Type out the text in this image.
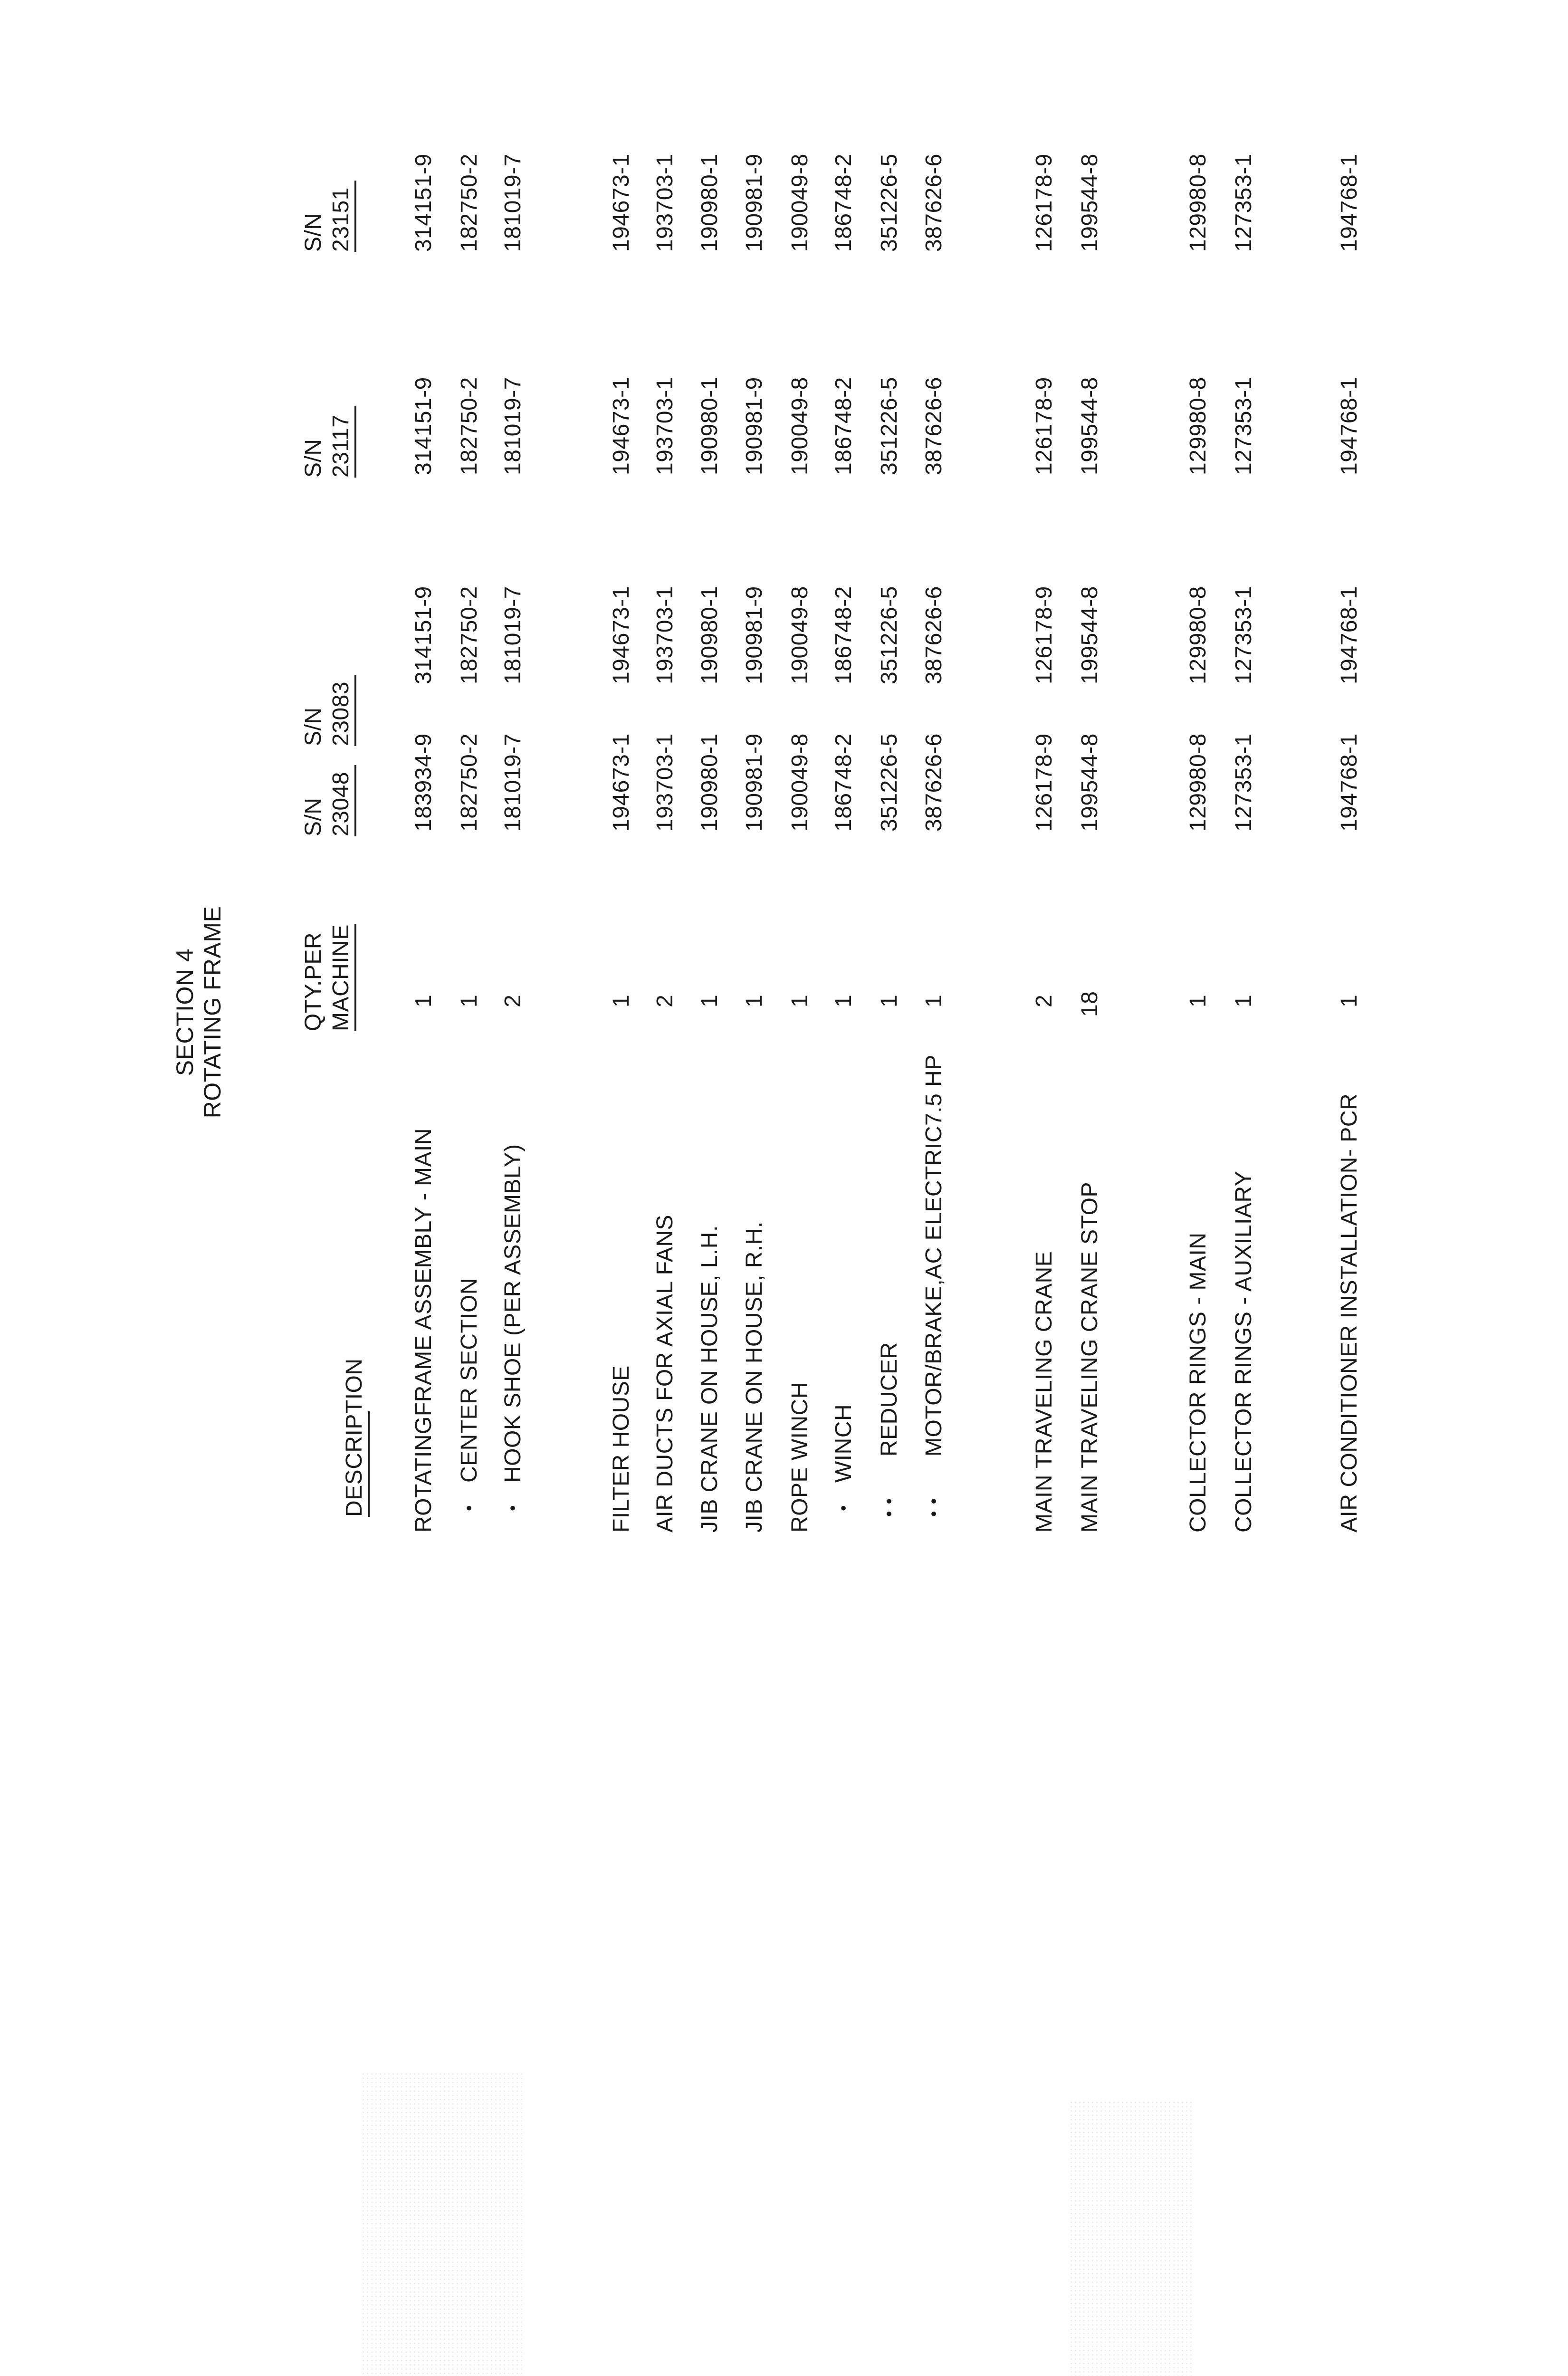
SECTION 4 ROTATING FRAME
DESCRIPTION
QTY.PER MACHINE
S/N 23048
S/N 23083
S/N 23117
S/N 23151
ROTATINGFRAME ASSEMBLY - MAIN
1
183934-9
314151-9
314151-9
314151-9
•
CENTER SECTION
1
182750-2
182750-2
182750-2
182750-2
•
HOOK SHOE (PER ASSEMBLY)
2
181019-7
181019-7
181019-7
181019-7
FILTER HOUSE
1
194673-1
194673-1
194673-1
194673-1
AIR DUCTS FOR AXIAL FANS
2
193703-1
193703-1
193703-1
193703-1
JIB CRANE ON HOUSE, L.H.
1
190980-1
190980-1
190980-1
190980-1
JIB CRANE ON HOUSE, R.H.
1
190981-9
190981-9
190981-9
190981-9
ROPE WINCH
1
190049-8
190049-8
190049-8
190049-8
•
WINCH
1
186748-2
186748-2
186748-2
186748-2
••
REDUCER
1
351226-5
351226-5
351226-5
351226-5
••
MOTOR/BRAKE,AC ELECTRIC7.5 HP
1
387626-6
387626-6
387626-6
387626-6
MAIN TRAVELING CRANE
2
126178-9
126178-9
126178-9
126178-9
MAIN TRAVELING CRANE STOP
18
199544-8
199544-8
199544-8
199544-8
COLLECTOR RINGS - MAIN
1
129980-8
129980-8
129980-8
129980-8
COLLECTOR RINGS - AUXILIARY
1
127353-1
127353-1
127353-1
127353-1
AIR CONDITIONER INSTALLATION- PCR
1
194768-1
194768-1
194768-1
194768-1
